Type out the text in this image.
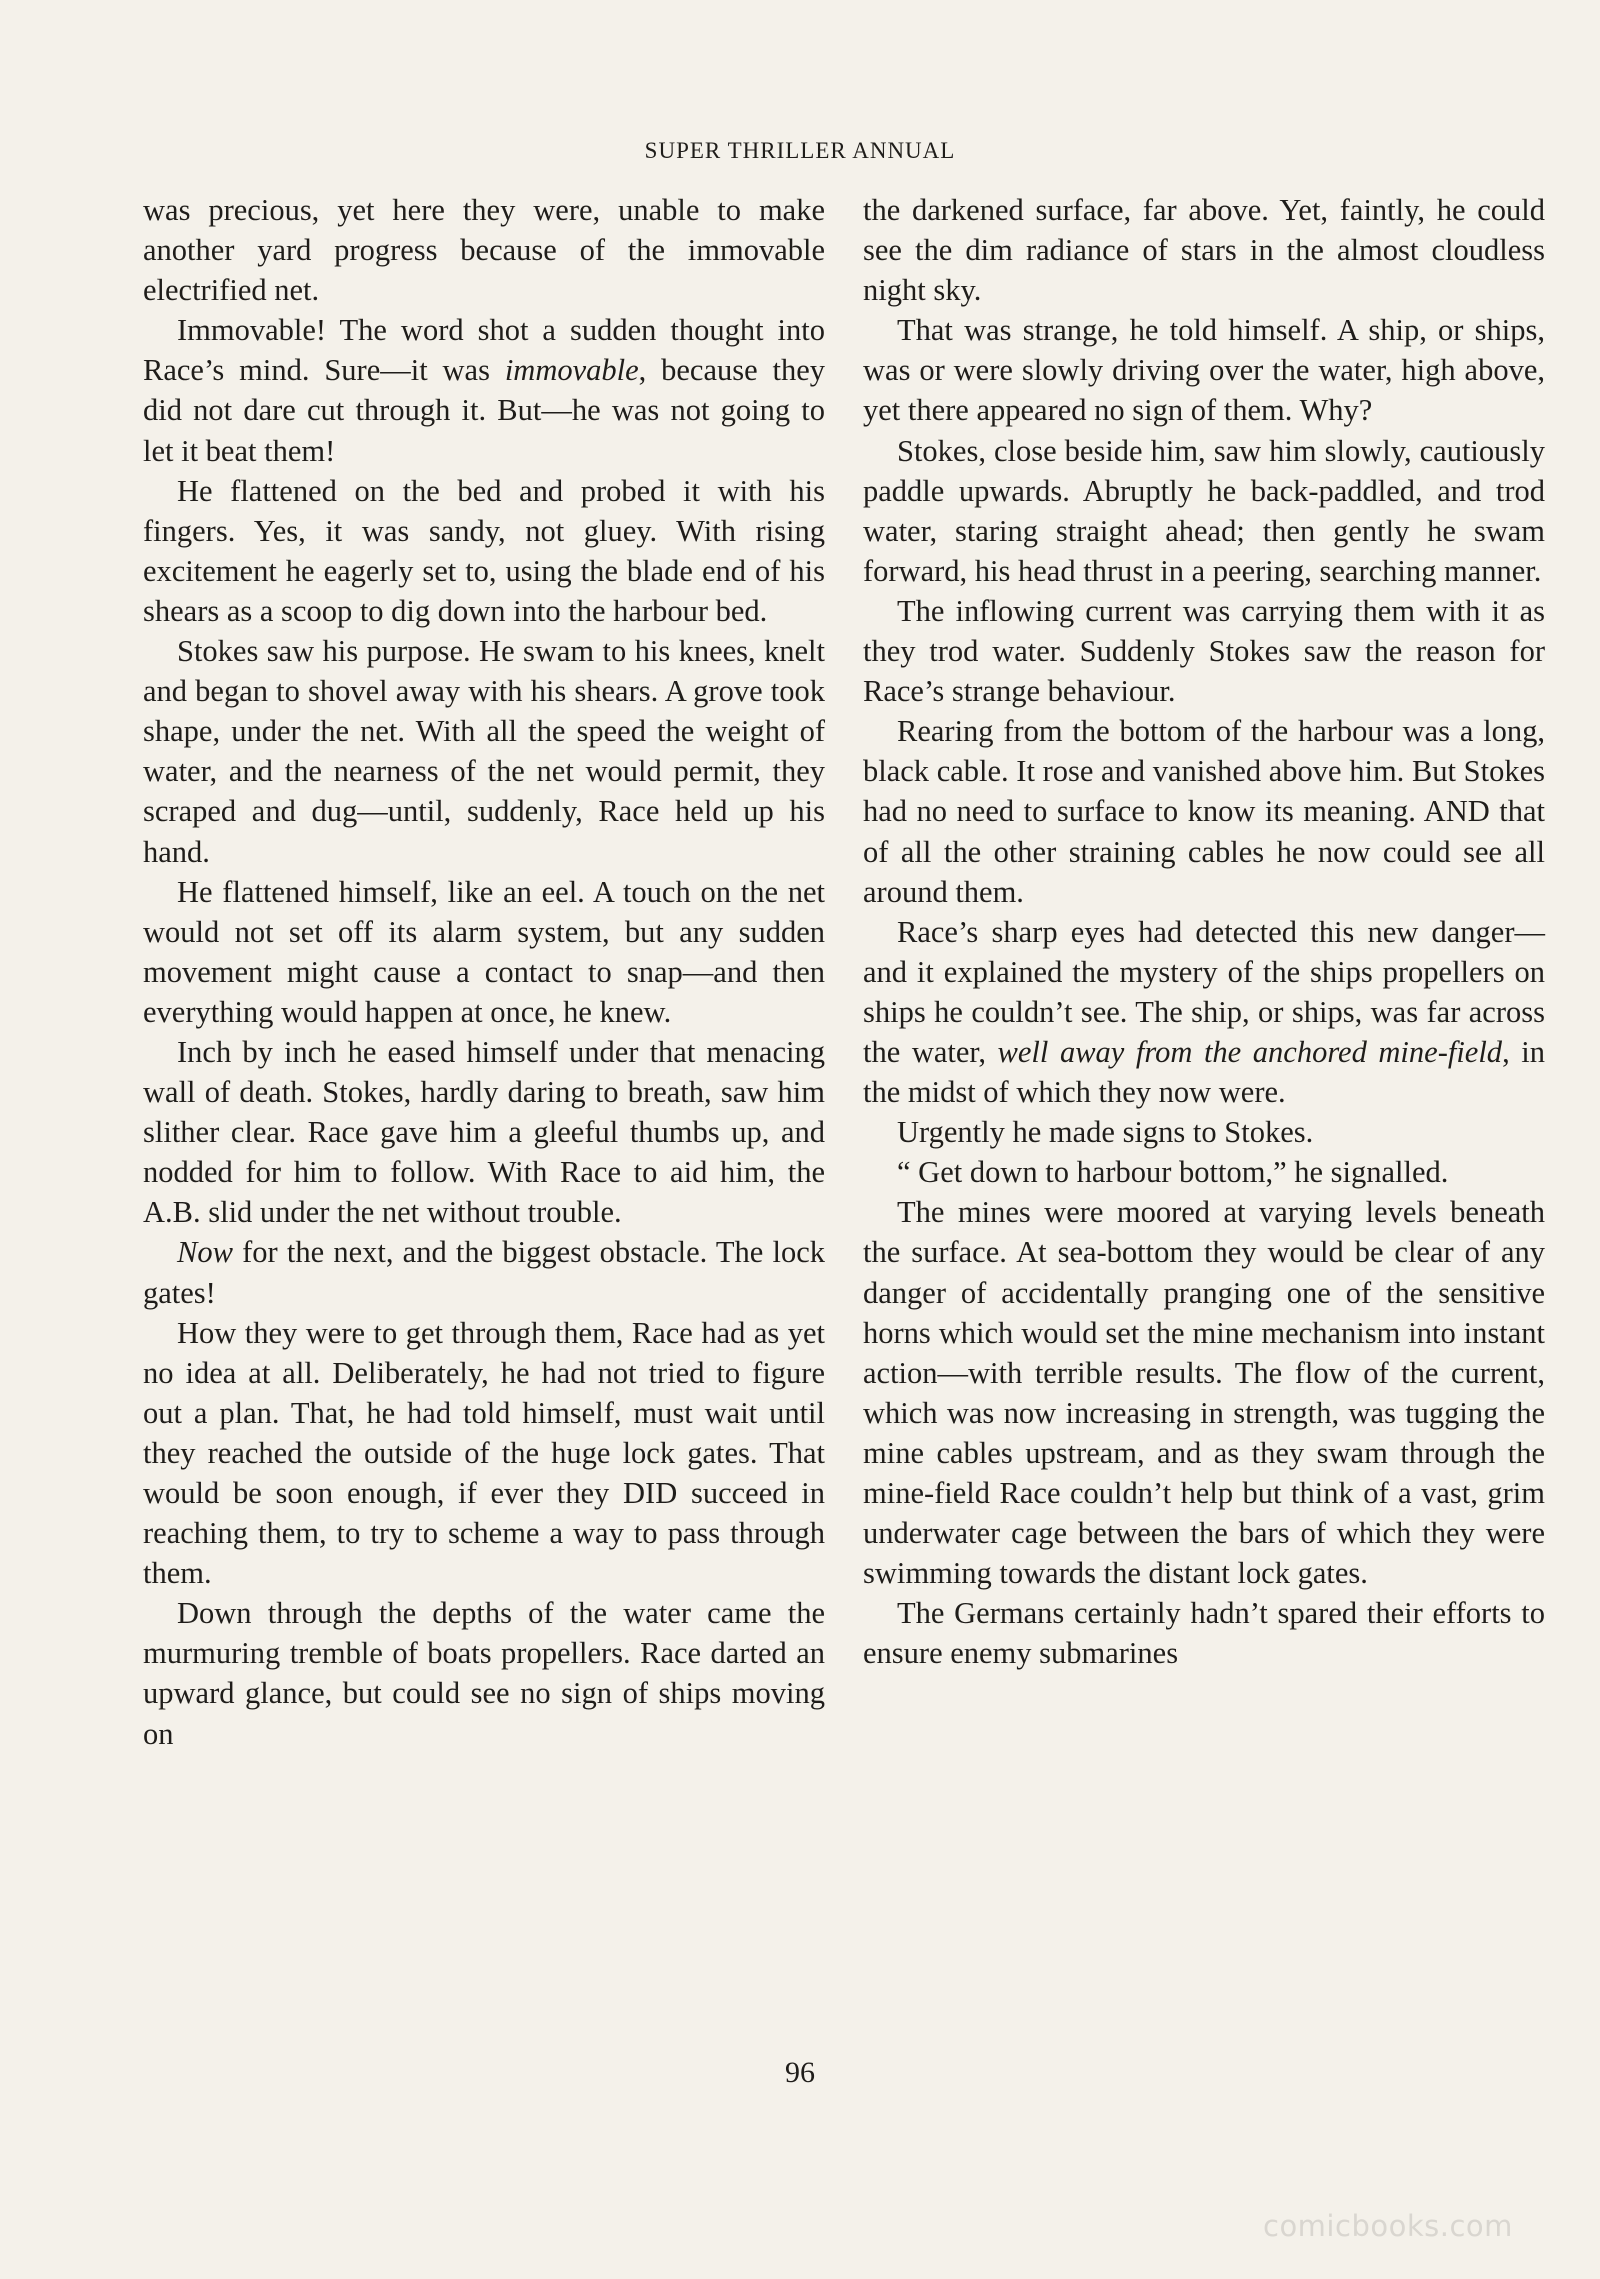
SUPER THRILLER ANNUAL

was precious, yet here they were, unable to make another yard progress because of the immovable electrified net.

Immovable! The word shot a sudden thought into Race’s mind. Sure—it was immovable, because they did not dare cut through it. But—he was not going to let it beat them!

He flattened on the bed and probed it with his fingers. Yes, it was sandy, not gluey. With rising excitement he eagerly set to, using the blade end of his shears as a scoop to dig down into the harbour bed.

Stokes saw his purpose. He swam to his knees, knelt and began to shovel away with his shears. A grove took shape, under the net. With all the speed the weight of water, and the nearness of the net would permit, they scraped and dug—until, suddenly, Race held up his hand.

He flattened himself, like an eel. A touch on the net would not set off its alarm system, but any sudden movement might cause a contact to snap—and then everything would happen at once, he knew.

Inch by inch he eased himself under that menacing wall of death. Stokes, hardly daring to breath, saw him slither clear. Race gave him a gleeful thumbs up, and nodded for him to follow. With Race to aid him, the A.B. slid under the net without trouble.

Now for the next, and the biggest obstacle. The lock gates!

How they were to get through them, Race had as yet no idea at all. Deliberately, he had not tried to figure out a plan. That, he had told himself, must wait until they reached the outside of the huge lock gates. That would be soon enough, if ever they DID succeed in reaching them, to try to scheme a way to pass through them.

Down through the depths of the water came the murmuring tremble of boats propellers. Race darted an upward glance, but could see no sign of ships moving on

the darkened surface, far above. Yet, faintly, he could see the dim radiance of stars in the almost cloudless night sky.

That was strange, he told himself. A ship, or ships, was or were slowly driving over the water, high above, yet there appeared no sign of them. Why?

Stokes, close beside him, saw him slowly, cautiously paddle upwards. Abruptly he back-paddled, and trod water, staring straight ahead; then gently he swam forward, his head thrust in a peering, searching manner.

The inflowing current was carrying them with it as they trod water. Suddenly Stokes saw the reason for Race’s strange behaviour.

Rearing from the bottom of the harbour was a long, black cable. It rose and vanished above him. But Stokes had no need to surface to know its meaning. AND that of all the other straining cables he now could see all around them.

Race’s sharp eyes had detected this new danger—and it explained the mystery of the ships propellers on ships he couldn’t see. The ship, or ships, was far across the water, well away from the anchored mine-field, in the midst of which they now were.

Urgently he made signs to Stokes.

“ Get down to harbour bottom,” he signalled.

The mines were moored at varying levels beneath the surface. At sea-bottom they would be clear of any danger of accidentally pranging one of the sensitive horns which would set the mine mechanism into instant action—with terrible results. The flow of the current, which was now increasing in strength, was tugging the mine cables upstream, and as they swam through the mine-field Race couldn’t help but think of a vast, grim underwater cage between the bars of which they were swimming towards the distant lock gates.

The Germans certainly hadn’t spared their efforts to ensure enemy submarines

96
comicbooks.com
